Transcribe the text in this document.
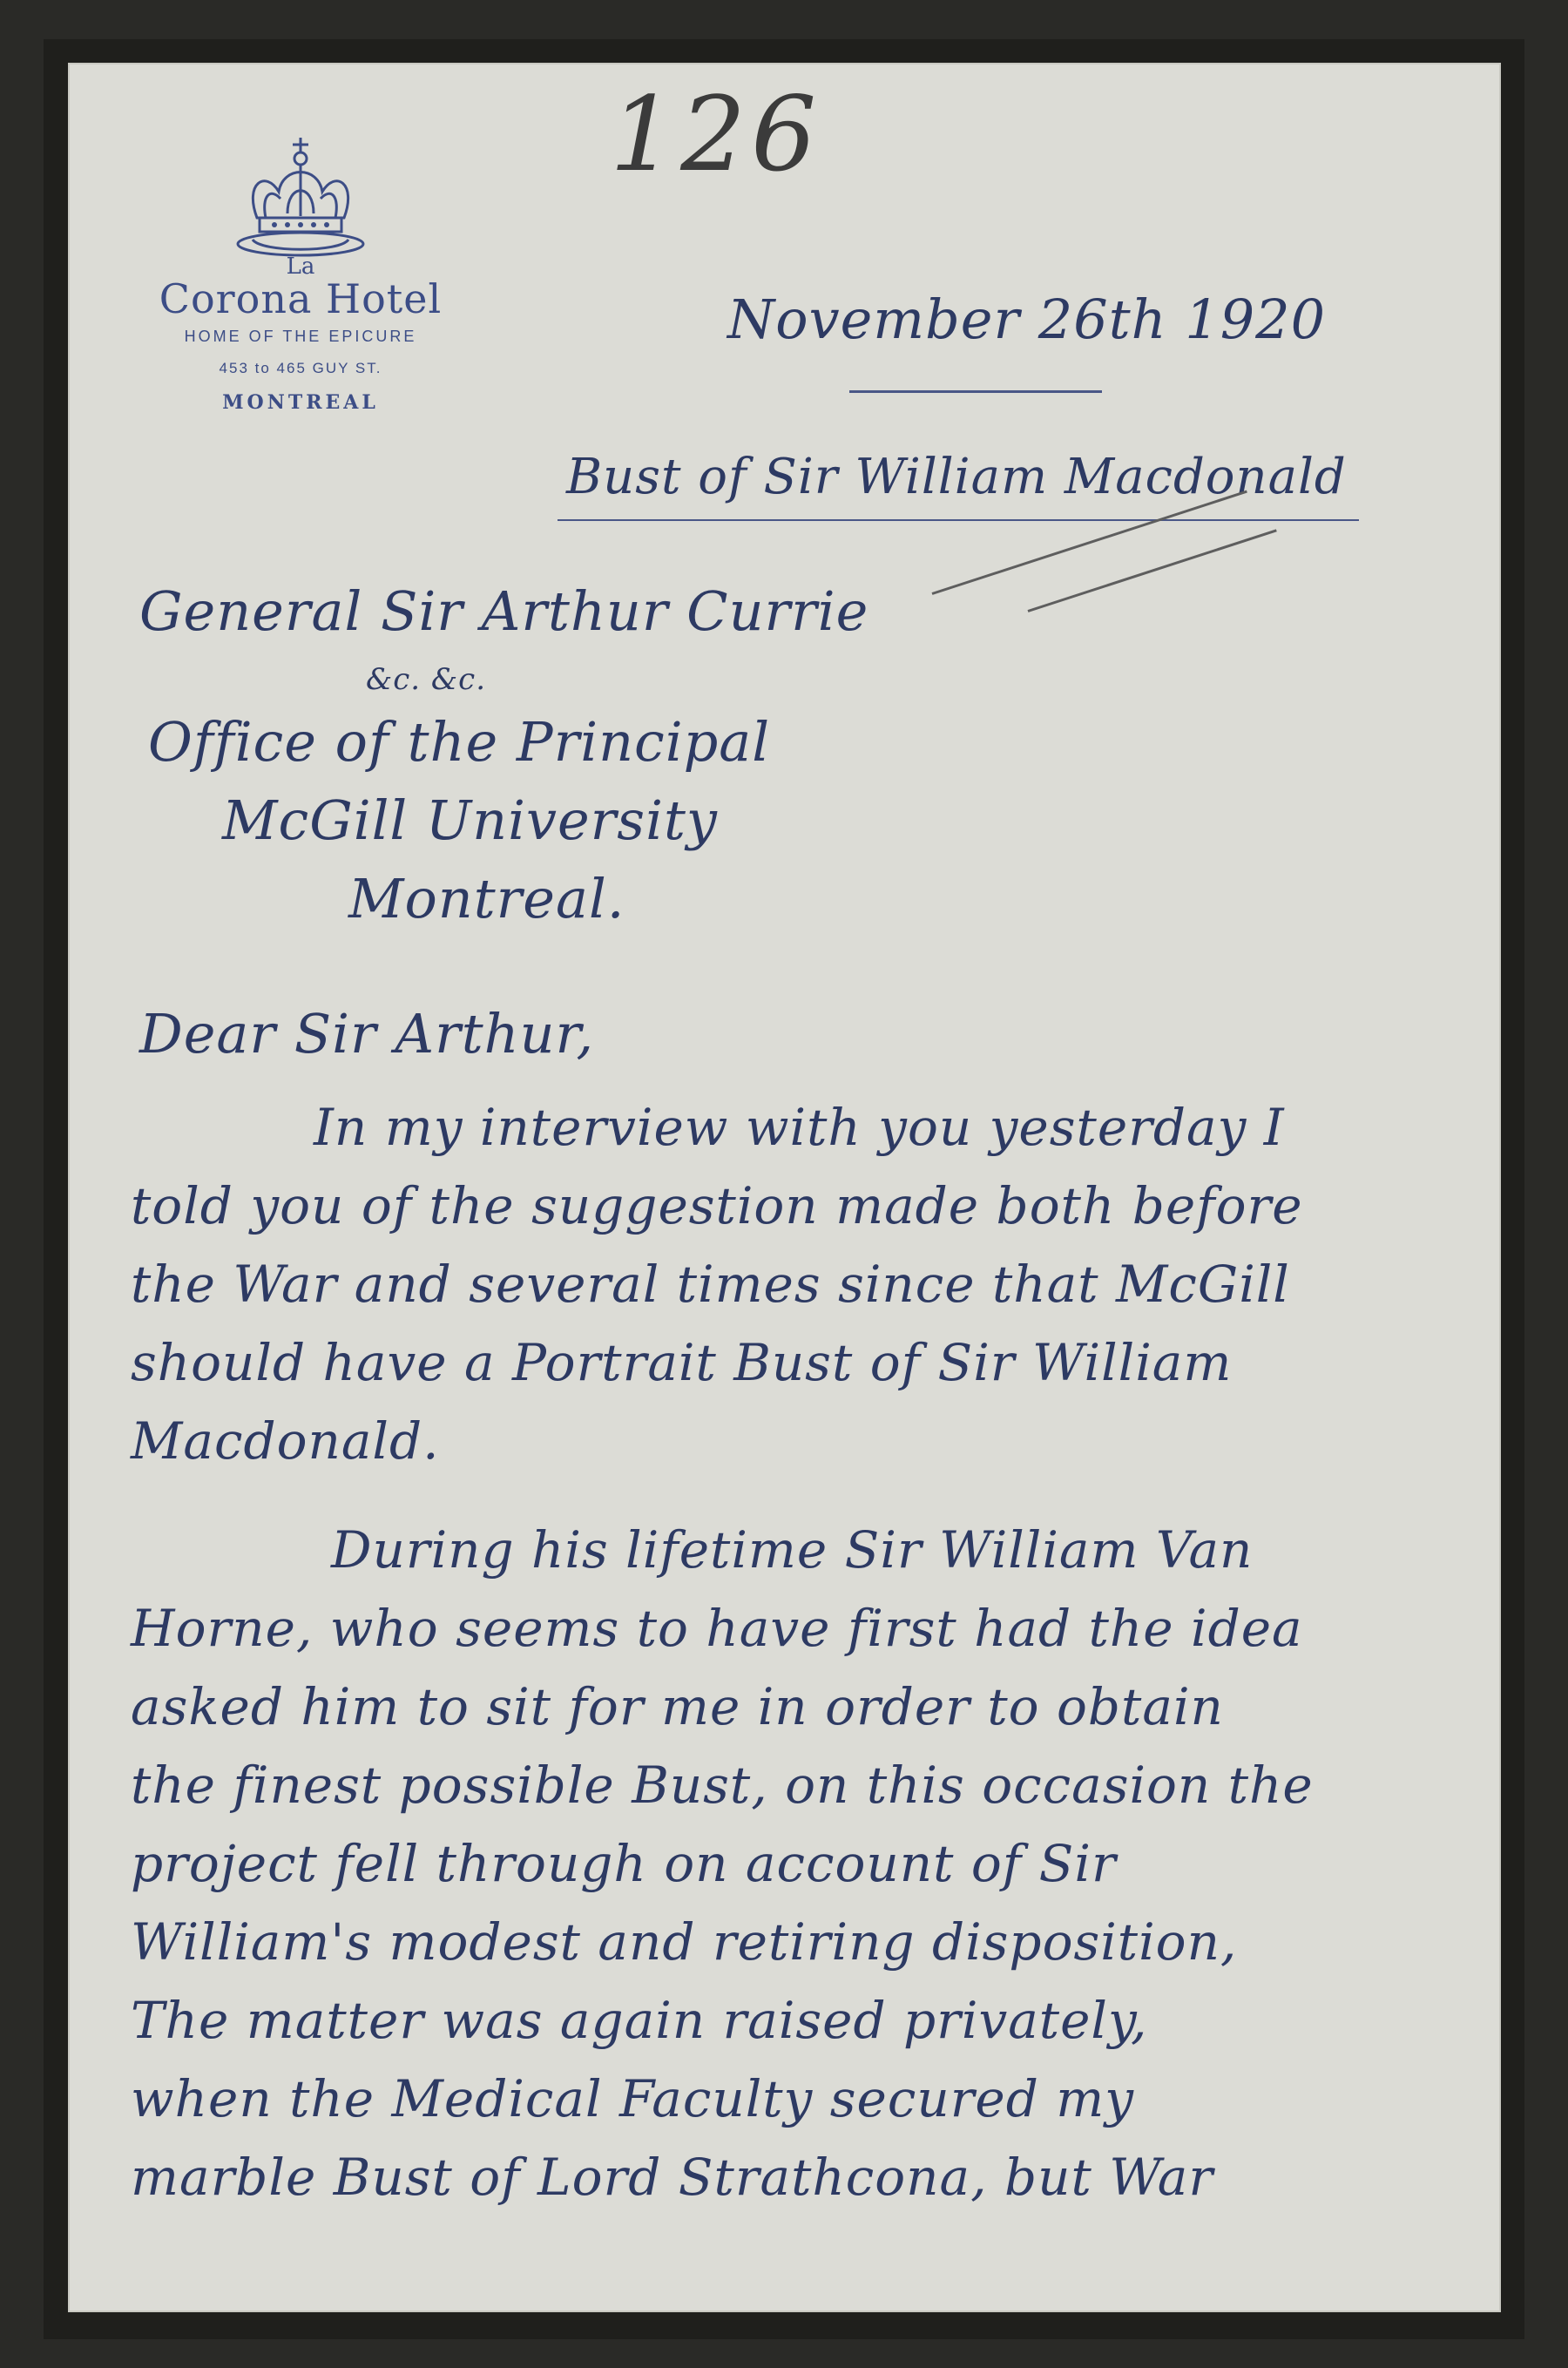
126
La
Corona Hotel
HOME OF THE EPICURE
453 to 465 GUY ST.
MONTREAL
November 26th 1920
Bust of Sir William Macdonald
General Sir Arthur Currie
&c. &c.
Office of the Principal
McGill University
Montreal.
Dear Sir Arthur,
In my interview with you yesterday I
told you of the suggestion made both before
the War and several times since that McGill
should have a Portrait Bust of Sir William
Macdonald.
During his lifetime Sir William Van
Horne, who seems to have first had the idea
asked him to sit for me in order to obtain
the finest possible Bust, on this occasion the
project fell through on account of Sir
William's modest and retiring disposition,
The matter was again raised privately,
when the Medical Faculty secured my
marble Bust of Lord Strathcona, but War
